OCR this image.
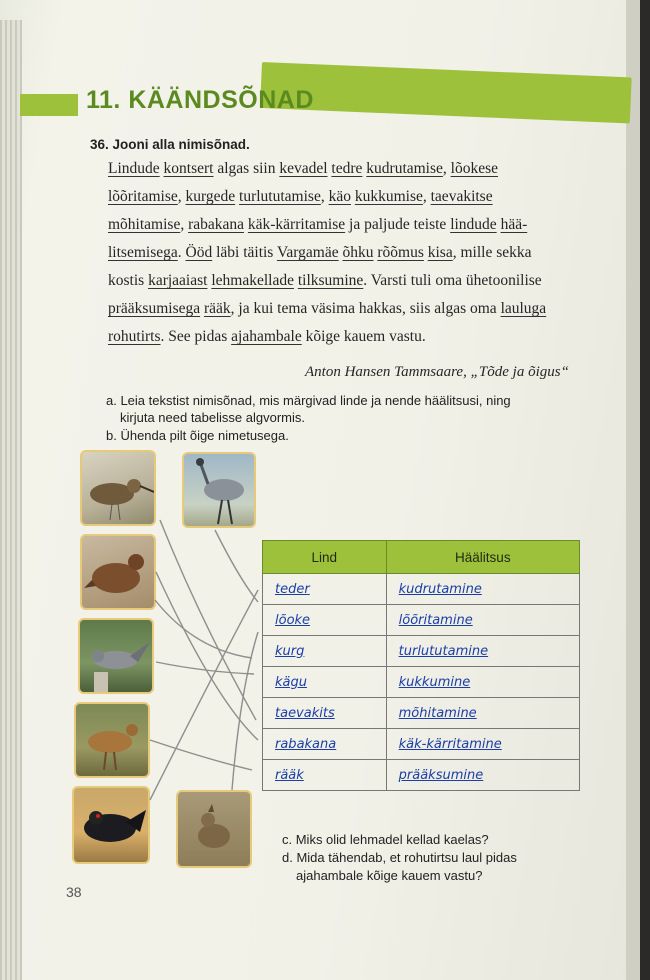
11. KÄÄNDSÕNAD
36. Jooni alla nimisõnad.
Lindude kontsert algas siin kevadel tedre kudrutamise, lõokese
lõõritamise, kurgede turlututamise, käo kukkumise, taevakitse
mõhitamise, rabakana käk-kärritamise ja paljude teiste lindude hää-
litsemisega. Ööd läbi täitis Vargamäe õhku rõõmus kisa, mille sekka
kostis karjaaiast lehmakellade tilksumine. Varsti tuli oma ühetoonilise
prääksumisega rääk, ja kui tema väsima hakkas, siis algas oma lauluga
rohutirts. See pidas ajahambale kõige kauem vastu.
Anton Hansen Tammsaare, „Tõde ja õigus“
a. Leia tekstist nimisõnad, mis märgivad linde ja nende häälitsusi, ning
kirjuta need tabelisse algvormis.
b. Ühenda pilt õige nimetusega.
Lind	Häälitsus
teder	kudrutamine
lõoke	lõõritamine
kurg	turlututamine
kägu	kukkumine
taevakits	mõhitamine
rabakana	käk-kärritamine
rääk	prääksumine
c. Miks olid lehmadel kellad kaelas?
d. Mida tähendab, et rohutirtsu laul pidas
ajahambale kõige kauem vastu?
38
